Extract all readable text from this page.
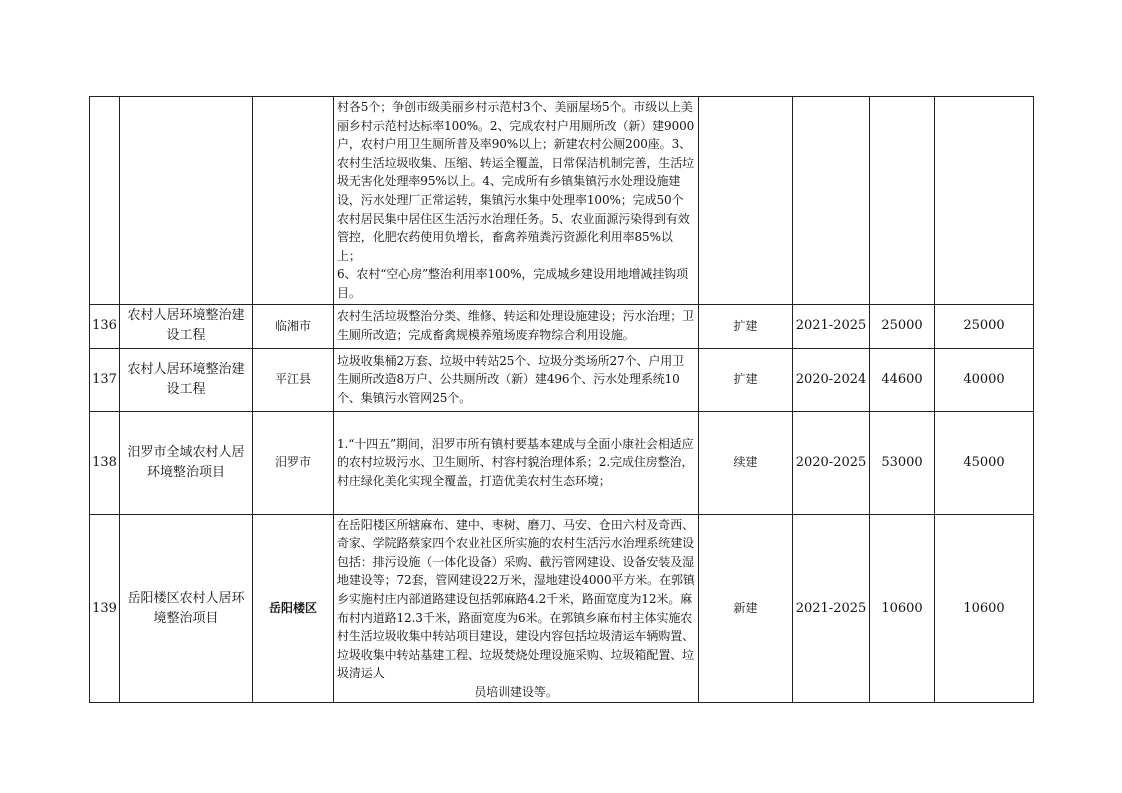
			村各5个；争创市级美丽乡村示范村3个、美丽屋场5个。市级以上美丽乡村示范村达标率100%。2、完成农村户用厕所改（新）建9000户，农村户用卫生厕所普及率90%以上；新建农村公厕200座。3、农村生活垃圾收集、压缩、转运全覆盖，日常保洁机制完善，生活垃圾无害化处理率95%以上。4、完成所有乡镇集镇污水处理设施建设，污水处理厂正常运转，集镇污水集中处理率100%；完成50个农村居民集中居住区生活污水治理任务。5、农业面源污染得到有效管控，化肥农药使用负增长，畜禽养殖粪污资源化利用率85%以上；

6、农村“空心房”整治利用率100%，完成城乡建设用地增减挂钩项目。				

136	农村人居环境整治建设工程	临湘市	农村生活垃圾整治分类、维修、转运和处理设施建设；污水治理；卫生厕所改造；完成畜禽规模养殖场废弃物综合利用设施。	扩建	2021-2025	25000	25000
137	农村人居环境整治建设工程	平江县	垃圾收集桶2万套、垃圾中转站25个、垃圾分类场所27个、户用卫生厕所改造8万户、公共厕所改（新）建496个、污水处理系统10个、集镇污水管网25个。	扩建	2020-2024	44600	40000
138	汨罗市全域农村人居环境整治项目	汨罗市	1.“十四五”期间，汨罗市所有镇村要基本建成与全面小康社会相适应的农村垃圾污水、卫生厕所、村容村貌治理体系；2.完成住房整治，村庄绿化美化实现全覆盖，打造优美农村生态环境；	续建	2020-2025	53000	45000
139	岳阳楼区农村人居环境整治项目	岳阳楼区	在岳阳楼区所辖麻布、建中、枣树、磨刀、马安、仓田六村及奇西、奇家、学院路蔡家四个农业社区所实施的农村生活污水治理系统建设包括：排污设施（一体化设备）采购、截污管网建设、设备安装及湿地建设等；72套，管网建设22万米，湿地建设4000平方米。在郭镇乡实施村庄内部道路建设包括郭麻路4.2千米，路面宽度为12米。麻布村内道路12.3千米，路面宽度为6米。在郭镇乡麻布村主体实施农村生活垃圾收集中转站项目建设，建设内容包括垃圾清运车辆购置、垃圾收集中转站基建工程、垃圾焚烧处理设施采购、垃圾箱配置、垃圾清运人

员培训建设等。	新建	2021-2025	10600	10600
